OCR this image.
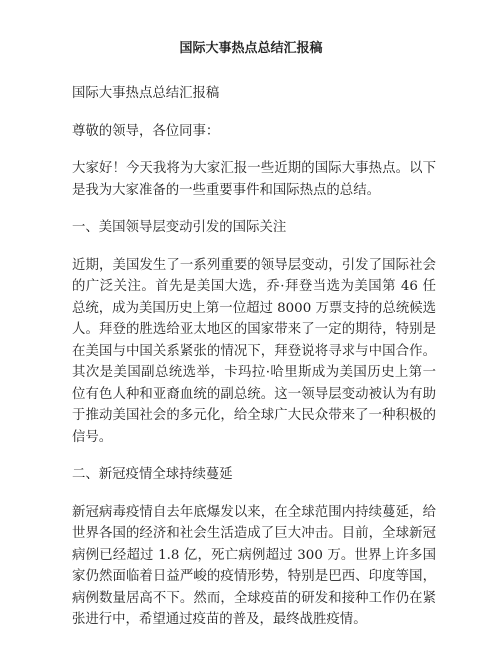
国际大事热点总结汇报稿

国际大事热点总结汇报稿

尊敬的领导，各位同事：

大家好！今天我将为大家汇报一些近期的国际大事热点。以下是我为大家准备的一些重要事件和国际热点的总结。

一、美国领导层变动引发的国际关注

近期，美国发生了一系列重要的领导层变动，引发了国际社会的广泛关注。首先是美国大选，乔·拜登当选为美国第 46 任总统，成为美国历史上第一位超过 8000 万票支持的总统候选人。拜登的胜选给亚太地区的国家带来了一定的期待，特别是在美国与中国关系紧张的情况下，拜登说将寻求与中国合作。其次是美国副总统选举，卡玛拉·哈里斯成为美国历史上第一位有色人种和亚裔血统的副总统。这一领导层变动被认为有助于推动美国社会的多元化，给全球广大民众带来了一种积极的信号。

二、新冠疫情全球持续蔓延

新冠病毒疫情自去年底爆发以来，在全球范围内持续蔓延，给世界各国的经济和社会生活造成了巨大冲击。目前，全球新冠病例已经超过 1.8 亿，死亡病例超过 300 万。世界上许多国家仍然面临着日益严峻的疫情形势，特别是巴西、印度等国，病例数量居高不下。然而，全球疫苗的研发和接种工作仍在紧张进行中，希望通过疫苗的普及，最终战胜疫情。
